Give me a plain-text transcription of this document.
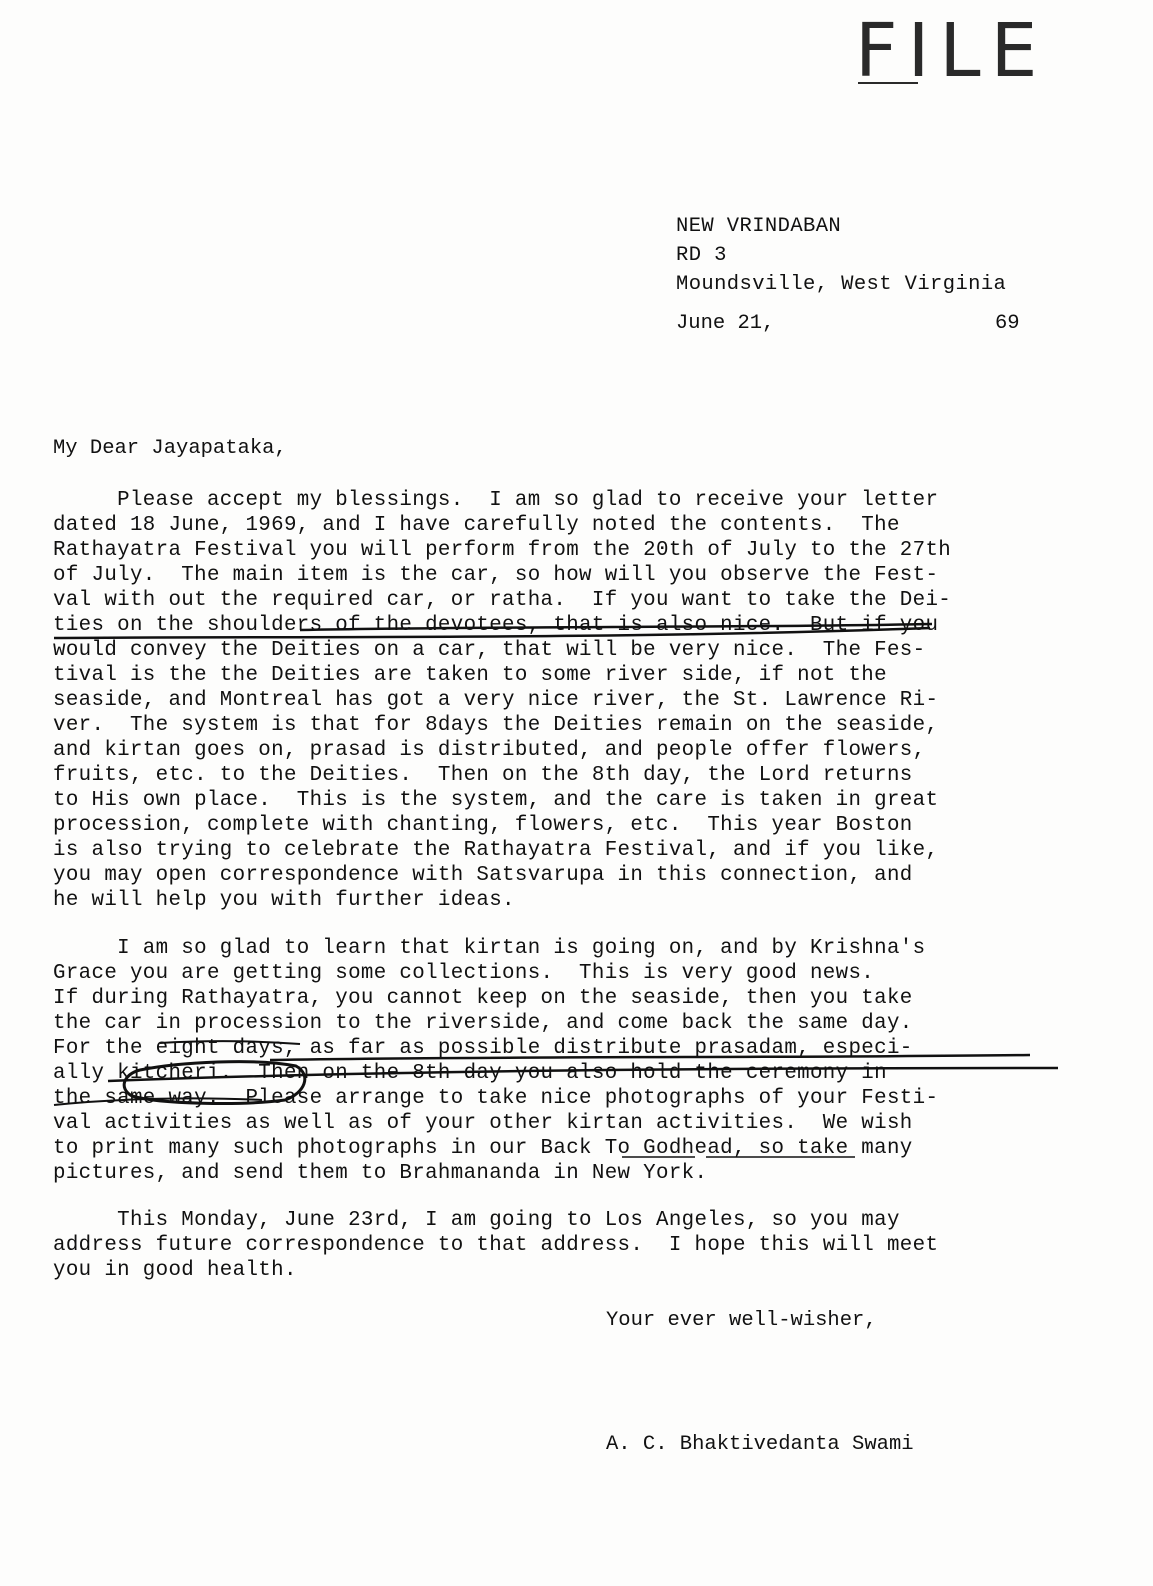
FILE
NEW VRINDABAN
RD 3
Moundsville, West Virginia
June 21,	69
My Dear Jayapataka,
Please accept my blessings.  I am so glad to receive your letter
dated 18 June, 1969, and I have carefully noted the contents.  The
Rathayatra Festival you will perform from the 20th of July to the 27th
of July.  The main item is the car, so how will you observe the Fest-
val with out the required car, or ratha.  If you want to take the Dei-
ties on the shoulders of the devotees, that is also nice.  But if you
would convey the Deities on a car, that will be very nice.  The Fes-
tival is the the Deities are taken to some river side, if not the
seaside, and Montreal has got a very nice river, the St. Lawrence Ri-
ver.  The system is that for 8days the Deities remain on the seaside,
and kirtan goes on, prasad is distributed, and people offer flowers,
fruits, etc. to the Deities.  Then on the 8th day, the Lord returns
to His own place.  This is the system, and the care is taken in great
procession, complete with chanting, flowers, etc.  This year Boston
is also trying to celebrate the Rathayatra Festival, and if you like,
you may open correspondence with Satsvarupa in this connection, and
he will help you with further ideas.
I am so glad to learn that kirtan is going on, and by Krishna's
Grace you are getting some collections.  This is very good news.
If during Rathayatra, you cannot keep on the seaside, then you take
the car in procession to the riverside, and come back the same day.
For the eight days, as far as possible distribute prasadam, especi-
ally kitcheri.  Then on the 8th day you also hold the ceremony in
the same way.  Please arrange to take nice photographs of your Festi-
val activities as well as of your other kirtan activities.  We wish
to print many such photographs in our Back To Godhead, so take many
pictures, and send them to Brahmananda in New York.
This Monday, June 23rd, I am going to Los Angeles, so you may
address future correspondence to that address.  I hope this will meet
you in good health.
Your ever well-wisher,
A. C. Bhaktivedanta Swami
